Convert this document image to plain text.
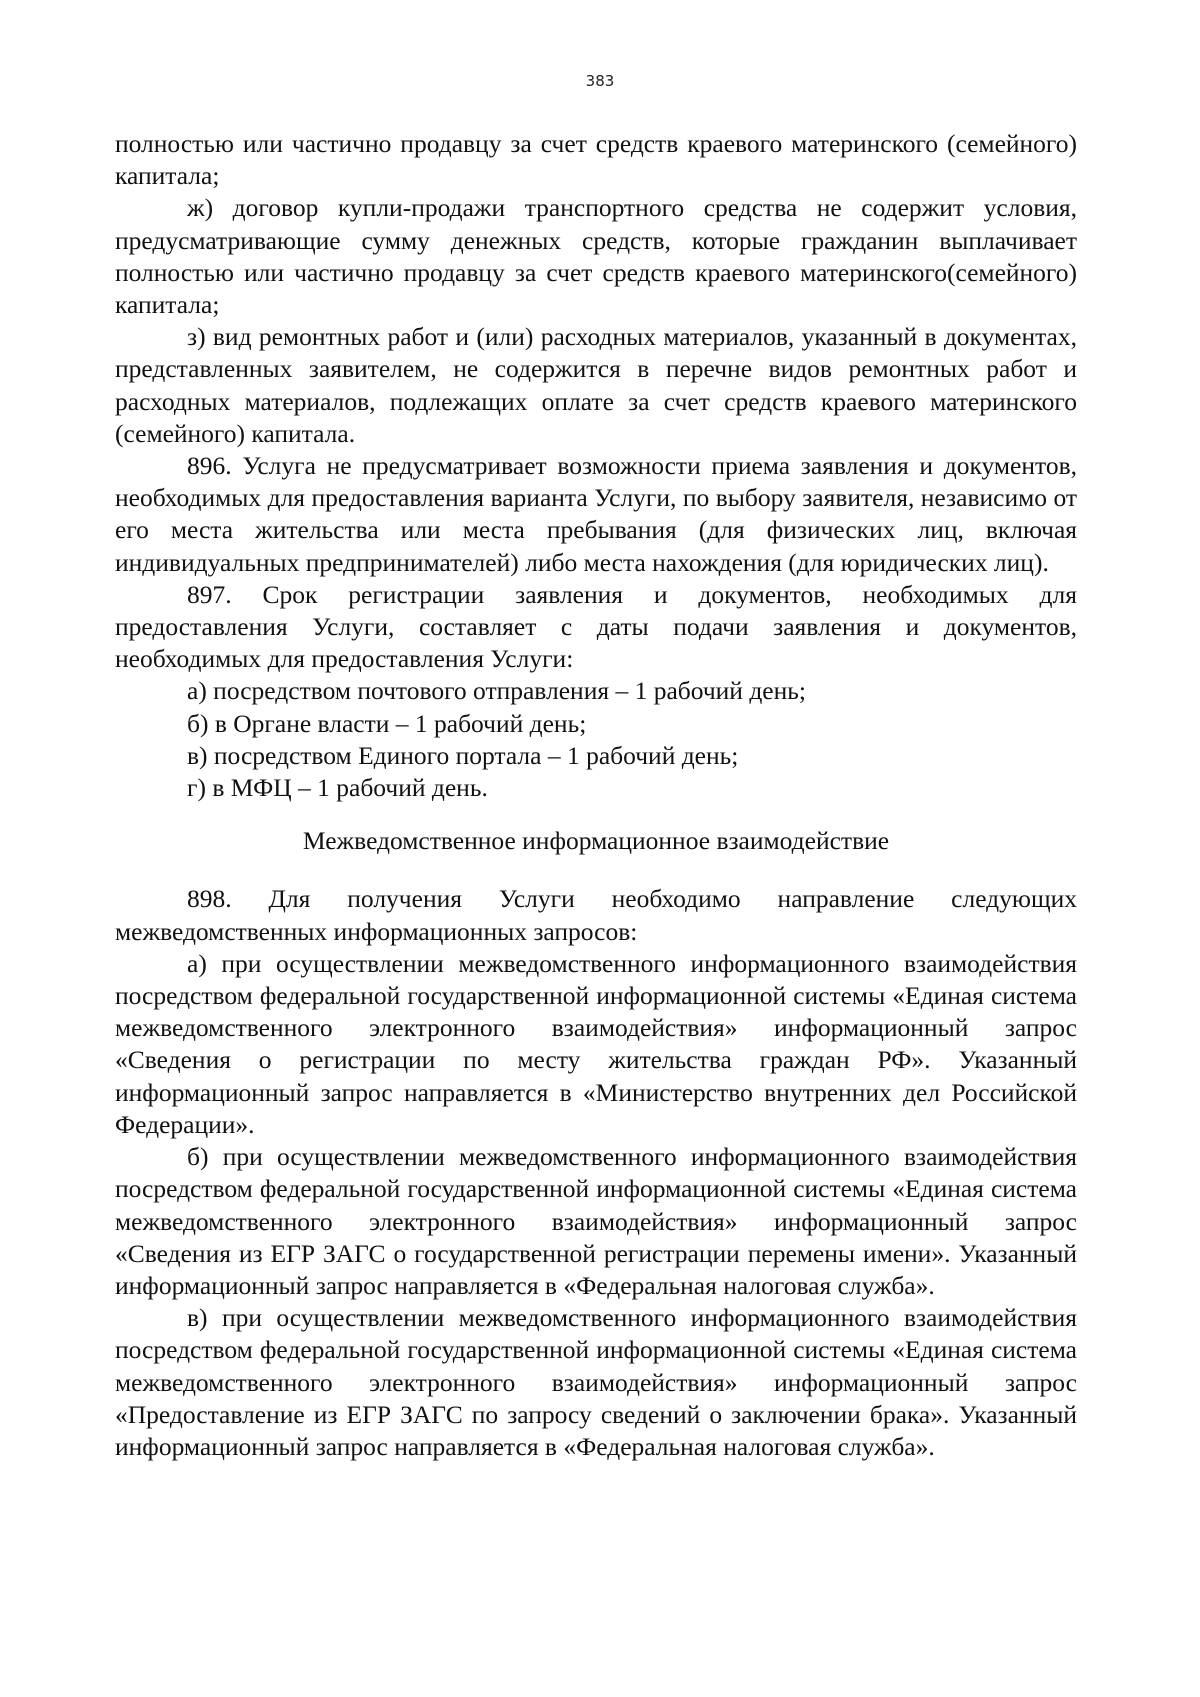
383

полностью или частично продавцу за счет средств краевого материнского (семейного) капитала;

ж) договор купли-продажи транспортного средства не содержит условия, предусматривающие сумму денежных средств, которые гражданин выплачивает полностью или частично продавцу за счет средств краевого материнского(семейного) капитала;

з) вид ремонтных работ и (или) расходных материалов, указанный в документах, представленных заявителем, не содержится в перечне видов ремонтных работ и расходных материалов, подлежащих оплате за счет средств краевого материнского (семейного) капитала.

896. Услуга не предусматривает возможности приема заявления и документов, необходимых для предоставления варианта Услуги, по выбору заявителя, независимо от его места жительства или места пребывания (для физических лиц, включая индивидуальных предпринимателей) либо места нахождения (для юридических лиц).

897. Срок регистрации заявления и документов, необходимых для предоставления Услуги, составляет с даты подачи заявления и документов, необходимых для предоставления Услуги:

а) посредством почтового отправления – 1 рабочий день;

б) в Органе власти – 1 рабочий день;

в) посредством Единого портала – 1 рабочий день;

г) в МФЦ – 1 рабочий день.

Межведомственное информационное взаимодействие

898. Для получения Услуги необходимо направление следующих межведомственных информационных запросов:

а) при осуществлении межведомственного информационного взаимодействия посредством федеральной государственной информационной системы «Единая система межведомственного электронного взаимодействия» информационный запрос «Сведения о регистрации по месту жительства граждан РФ». Указанный информационный запрос направляется в «Министерство внутренних дел Российской Федерации».

б) при осуществлении межведомственного информационного взаимодействия посредством федеральной государственной информационной системы «Единая система межведомственного электронного взаимодействия» информационный запрос «Сведения из ЕГР ЗАГС о государственной регистрации перемены имени». Указанный информационный запрос направляется в «Федеральная налоговая служба».

в) при осуществлении межведомственного информационного взаимодействия посредством федеральной государственной информационной системы «Единая система межведомственного электронного взаимодействия» информационный запрос «Предоставление из ЕГР ЗАГС по запросу сведений о заключении брака». Указанный информационный запрос направляется в «Федеральная налоговая служба».
